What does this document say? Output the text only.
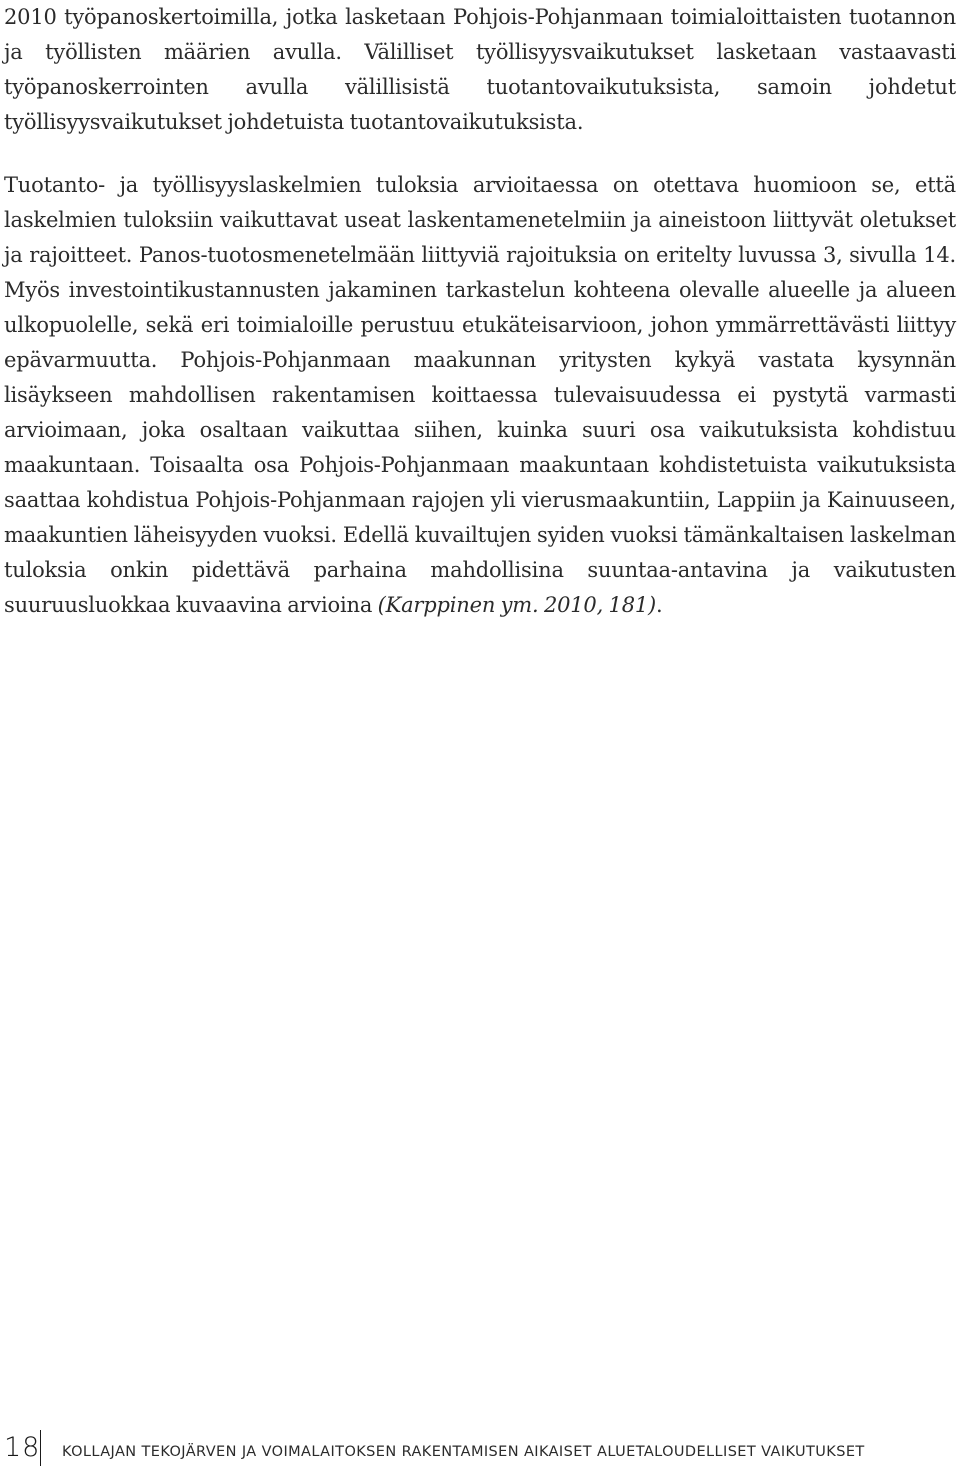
2010 työpanoskertoimilla, jotka lasketaan Pohjois-Pohjanmaan toimialoittaisten tuotannon ja työllisten määrien avulla. Välilliset työllisyysvaikutukset lasketaan vastaavasti työpanoskerrointen avulla välillisistä tuotantovaikutuksista, samoin johdetut työllisyysvaikutukset johdetuista tuotantovaikutuksista.

Tuotanto- ja työllisyyslaskelmien tuloksia arvioitaessa on otettava huomioon se, että laskelmien tuloksiin vaikuttavat useat laskentamenetelmiin ja aineistoon liittyvät oletukset ja rajoitteet. Panos-tuotosmenetelmään liittyviä rajoituksia on eritelty luvussa 3, sivulla 14. Myös investointikustannusten jakaminen tarkastelun kohteena olevalle alueelle ja alueen ulkopuolelle, sekä eri toimialoille perustuu etukäteisarvioon, johon ymmärrettävästi liittyy epävarmuutta. Pohjois-Pohjanmaan maakunnan yritysten kykyä vastata kysynnän lisäykseen mahdollisen rakentamisen koittaessa tulevaisuudessa ei pystytä varmasti arvioimaan, joka osaltaan vaikuttaa siihen, kuinka suuri osa vaikutuksista kohdistuu maakuntaan. Toisaalta osa Pohjois-Pohjanmaan maakuntaan kohdistetuista vaikutuksista saattaa kohdistua Pohjois-Pohjanmaan rajojen yli vierusmaakuntiin, Lappiin ja Kainuuseen, maakuntien läheisyyden vuoksi. Edellä kuvailtujen syiden vuoksi tämänkaltaisen laskelman tuloksia onkin pidettävä parhaina mahdollisina suuntaa-antavina ja vaikutusten suuruusluokkaa kuvaavina arvioina (Karppinen ym. 2010, 181).

18 KOLLAJAN TEKOJÄRVEN JA VOIMALAITOKSEN RAKENTAMISEN AIKAISET ALUETALOUDELLISET VAIKUTUKSET
